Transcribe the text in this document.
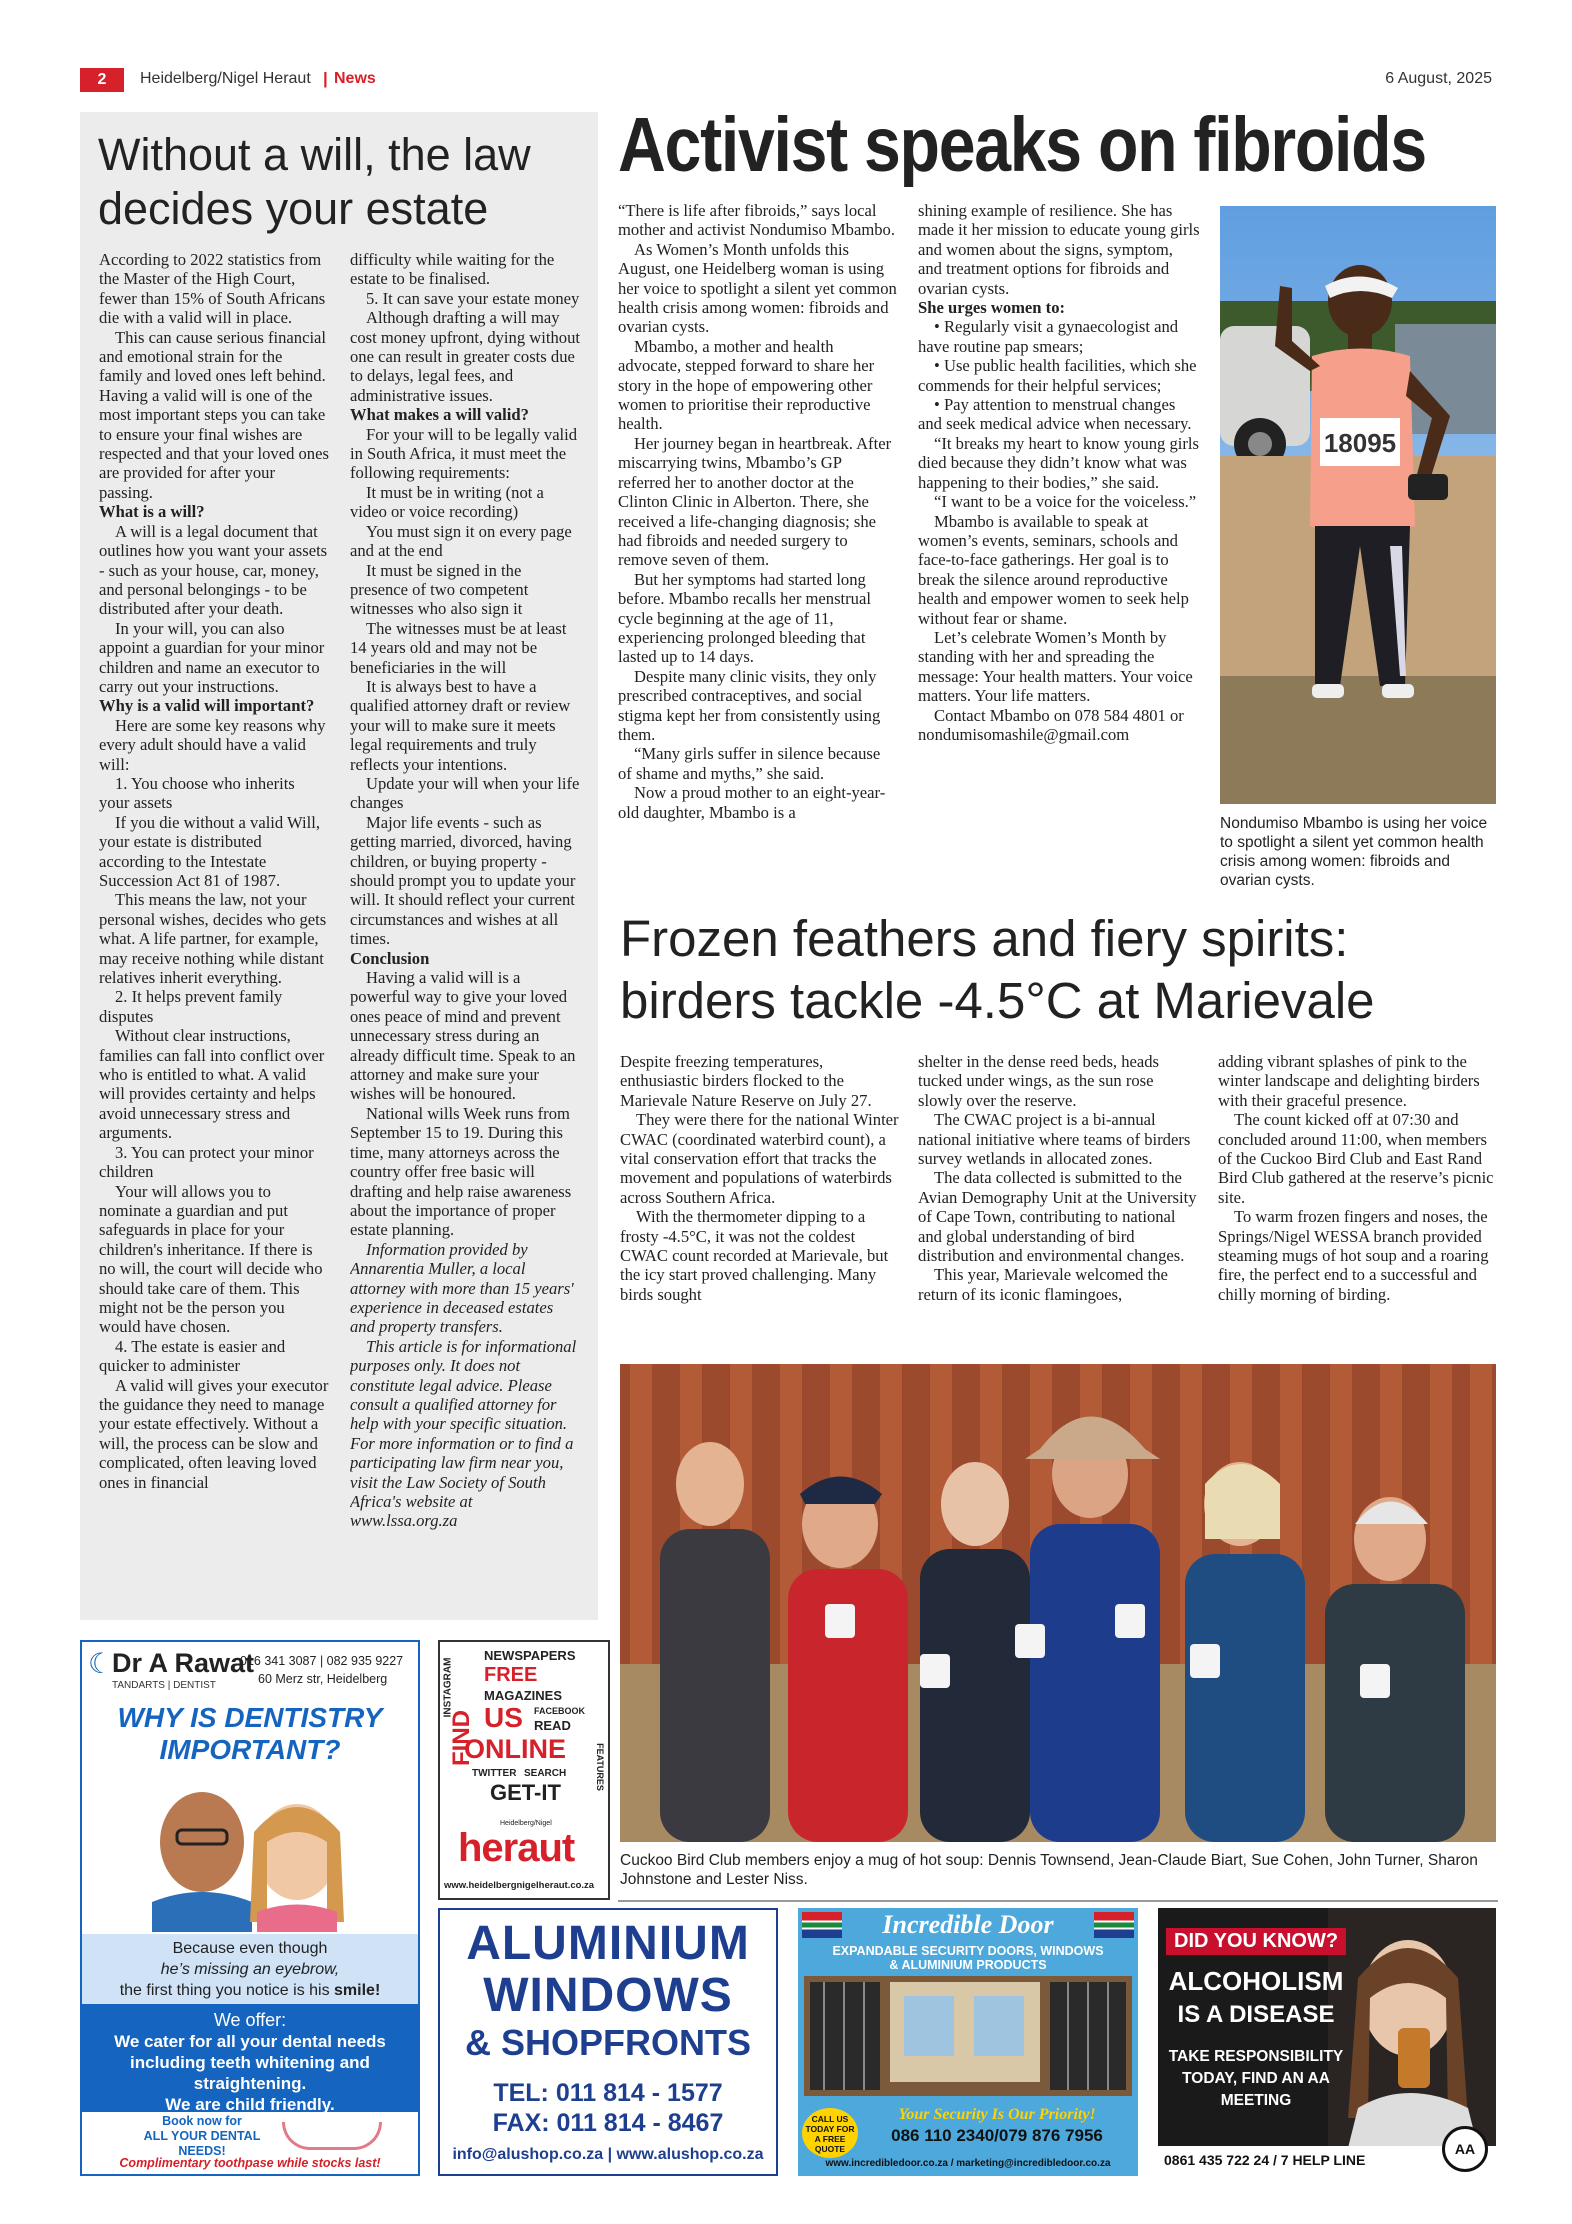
2	Heidelberg/Nigel Heraut | News	6 August, 2025
Without a will, the law
decides your estate

According to 2022 statistics from the Master of the High Court, fewer than 15% of South Africans die with a valid will in place.

This can cause serious financial and emotional strain for the family and loved ones left behind. Having a valid will is one of the most important steps you can take to ensure your final wishes are respected and that your loved ones are provided for after your passing.

What is a will?

A will is a legal document that outlines how you want your assets - such as your house, car, money, and personal belongings - to be distributed after your death.

In your will, you can also appoint a guardian for your minor children and name an executor to carry out your instructions.

Why is a valid will important?

Here are some key reasons why every adult should have a valid will:

1. You choose who inherits your assets

If you die without a valid Will, your estate is distributed according to the Intestate Succession Act 81 of 1987.

This means the law, not your personal wishes, decides who gets what. A life partner, for example, may receive nothing while distant relatives inherit everything.

2. It helps prevent family disputes

Without clear instructions, families can fall into conflict over who is entitled to what. A valid will provides certainty and helps avoid unnecessary stress and arguments.

3. You can protect your minor children

Your will allows you to nominate a guardian and put safeguards in place for your children's inheritance. If there is no will, the court will decide who should take care of them. This might not be the person you would have chosen.

4. The estate is easier and quicker to administer

A valid will gives your executor the guidance they need to manage your estate effectively. Without a will, the process can be slow and complicated, often leaving loved ones in financial

difficulty while waiting for the estate to be finalised.

5. It can save your estate money

Although drafting a will may cost money upfront, dying without one can result in greater costs due to delays, legal fees, and administrative issues.

What makes a will valid?

For your will to be legally valid in South Africa, it must meet the following requirements:

It must be in writing (not a video or voice recording)

You must sign it on every page and at the end

It must be signed in the presence of two competent witnesses who also sign it

The witnesses must be at least 14 years old and may not be beneficiaries in the will

It is always best to have a qualified attorney draft or review your will to make sure it meets legal requirements and truly reflects your intentions.

Update your will when your life changes

Major life events - such as getting married, divorced, having children, or buying property - should prompt you to update your will. It should reflect your current circumstances and wishes at all times.

Conclusion

Having a valid will is a powerful way to give your loved ones peace of mind and prevent unnecessary stress during an already difficult time. Speak to an attorney and make sure your wishes will be honoured.

National wills Week runs from September 15 to 19. During this time, many attorneys across the country offer free basic will drafting and help raise awareness about the importance of proper estate planning.

Information provided by Annarentia Muller, a local attorney with more than 15 years' experience in deceased estates and property transfers.

This article is for informational purposes only. It does not constitute legal advice. Please consult a qualified attorney for help with your specific situation. For more information or to find a participating law firm near you, visit the Law Society of South Africa's website at www.lssa.org.za

Activist speaks on fibroids

“There is life after fibroids,” says local mother and activist Nondumiso Mbambo.

As Women’s Month unfolds this August, one Heidelberg woman is using her voice to spotlight a silent yet common health crisis among women: fibroids and ovarian cysts.

Mbambo, a mother and health advocate, stepped forward to share her story in the hope of empowering other women to prioritise their reproductive health.

Her journey began in heartbreak. After miscarrying twins, Mbambo’s GP referred her to another doctor at the Clinton Clinic in Alberton. There, she received a life-changing diagnosis; she had fibroids and needed surgery to remove seven of them.

But her symptoms had started long before. Mbambo recalls her menstrual cycle beginning at the age of 11, experiencing prolonged bleeding that lasted up to 14 days.

Despite many clinic visits, they only prescribed contraceptives, and social stigma kept her from consistently using them.

“Many girls suffer in silence because of shame and myths,” she said.

Now a proud mother to an eight-year-old daughter, Mbambo is a

shining example of resilience. She has made it her mission to educate young girls and women about the signs, symptom, and treatment options for fibroids and ovarian cysts.

She urges women to:

• Regularly visit a gynaecologist and have routine pap smears;

• Use public health facilities, which she commends for their helpful services;

• Pay attention to menstrual changes and seek medical advice when necessary.

“It breaks my heart to know young girls died because they didn’t know what was happening to their bodies,” she said.

“I want to be a voice for the voiceless.”

Mbambo is available to speak at women’s events, seminars, schools and face-to-face gatherings. Her goal is to break the silence around reproductive health and empower women to seek help without fear or shame.

Let’s celebrate Women’s Month by standing with her and spreading the message: Your health matters. Your voice matters. Your life matters.

Contact Mbambo on 078 584 4801 or nondumisomashile@gmail.com

18095
Nondumiso Mbambo is using her voice to spotlight a silent yet common health crisis among women: fibroids and ovarian cysts.
Frozen feathers and fiery spirits:
birders tackle -4.5°C at Marievale

Despite freezing temperatures, enthusiastic birders flocked to the Marievale Nature Reserve on July 27.

They were there for the national Winter CWAC (coordinated waterbird count), a vital conservation effort that tracks the movement and populations of waterbirds across Southern Africa.

With the thermometer dipping to a frosty -4.5°C, it was not the coldest CWAC count recorded at Marievale, but the icy start proved challenging. Many birds sought

shelter in the dense reed beds, heads tucked under wings, as the sun rose slowly over the reserve.

The CWAC project is a bi-annual national initiative where teams of birders survey wetlands in allocated zones.

The data collected is submitted to the Avian Demography Unit at the University of Cape Town, contributing to national and global understanding of bird distribution and environmental changes.

This year, Marievale welcomed the return of its iconic flamingoes,

adding vibrant splashes of pink to the winter landscape and delighting birders with their graceful presence.

The count kicked off at 07:30 and concluded around 11:00, when members of the Cuckoo Bird Club and East Rand Bird Club gathered at the reserve’s picnic site.

To warm frozen fingers and noses, the Springs/Nigel WESSA branch provided steaming mugs of hot soup and a roaring fire, the perfect end to a successful and chilly morning of birding.

Cuckoo Bird Club members enjoy a mug of hot soup: Dennis Townsend, Jean-Claude Biart, Sue Cohen, John Turner, Sharon Johnstone and Lester Niss.
☾
Dr A Rawat
TANDARTS | DENTIST
016 341 3087 | 082 935 9227
60 Merz str, Heidelberg
WHY IS DENTISTRY
IMPORTANT?
Because even though
he’s missing an eyebrow,
the first thing you notice is his smile!
We offer:
We cater for all your dental needs
including teeth whitening and
straightening.
We are child friendly.
Book now for
ALL YOUR DENTAL
NEEDS!
Complimentary toothpase while stocks last!
INSTAGRAM
FIND
NEWSPAPERS
FREE
MAGAZINES
US FACEBOOK
READ
ONLINE	FEATURES
TWITTER SEARCH
GET-IT
Heidelberg/Nigel
heraut
www.heidelbergnigelheraut.co.za
ALUMINIUM
WINDOWS
& SHOPFRONTS
TEL: 011 814 - 1577
FAX: 011 814 - 8467
info@alushop.co.za | www.alushop.co.za
Incredible Door
EXPANDABLE SECURITY DOORS, WINDOWS
& ALUMINIUM PRODUCTS
CALL US TODAY FOR A FREE QUOTE
Your Security Is Our Priority!
086 110 2340/079 876 7956
www.incredibledoor.co.za / marketing@incredibledoor.co.za
DID YOU KNOW?
ALCOHOLISM
IS A DISEASE
TAKE RESPONSIBILITY
TODAY, FIND AN AA
MEETING
0861 435 722 24 / 7 HELP LINE
AA
